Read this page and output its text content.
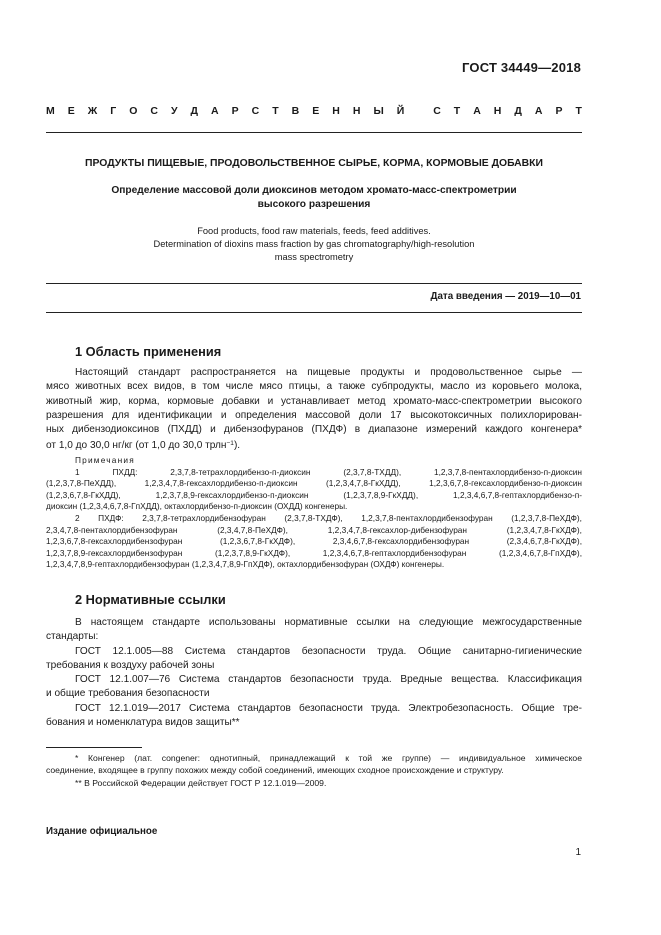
ГОСТ 34449—2018
М Е Ж Г О С У Д А Р С Т В Е Н Н Ы Й
	С Т А Н Д А Р Т
ПРОДУКТЫ ПИЩЕВЫЕ, ПРОДОВОЛЬСТВЕННОЕ СЫРЬЕ, КОРМА, КОРМОВЫЕ ДОБАВКИ
Определение массовой доли диоксинов методом хромато-масс-спектрометрии
высокого разрешения
Food products, food raw materials, feeds, feed additives.
Determination of dioxins mass fraction by gas chromatography/high-resolution
mass spectrometry
Дата введения — 2019—10—01
1 Область применения
Настоящий стандарт распространяется на пищевые продукты и продовольственное сырье —
мясо животных всех видов, в том числе мясо птицы, а также субпродукты, масло из коровьего молока,
животный жир, корма, кормовые добавки и устанавливает метод хромато-масс-спектрометрии высокого
разрешения для идентификации и определения массовой доли 17 высокотоксичных полихлорирован-
ных дибензодиоксинов (ПХДД) и дибензофуранов (ПХДФ) в диапазоне измерений каждого конгенера*
от 1,0 до 30,0 нг/кг (от 1,0 до 30,0 трлн$^{-1}$).
Примечания
1 ПХДД: 2,3,7,8-тетрахлордибензо-п-диоксин (2,3,7,8-ТХДД), 1,2,3,7,8-пентахлордибензо-п-диоксин
(1,2,3,7,8-ПеХДД), 1,2,3,4,7,8-гексахлордибензо-п-диоксин (1,2,3,4,7,8-ГкХДД), 1,2,3,6,7,8-гексахлордибензо-п-диоксин
(1,2,3,6,7,8-ГкХДД), 1,2,3,7,8,9-гексахлордибензо-п-диоксин (1,2,3,7,8,9-ГкХДД), 1,2,3,4,6,7,8-гептахлордибензо-п-
диоксин (1,2,3,4,6,7,8-ГпХДД), октахлордибензо-п-диоксин (ОХДД) конгенеры.
2 ПХДФ: 2,3,7,8-тетрахлордибензофуран (2,3,7,8-ТХДФ), 1,2,3,7,8-пентахлордибензофуран (1,2,3,7,8-ПеХДФ),
2,3,4,7,8-пентахлордибензофуран (2,3,4,7,8-ПеХДФ), 1,2,3,4,7,8-гексахлор-дибензофуран (1,2,3,4,7,8-ГкХДФ),
1,2,3,6,7,8-гексахлордибензофуран (1,2,3,6,7,8-ГкХДФ), 2,3,4,6,7,8-гексахлордибензофуран (2,3,4,6,7,8-ГкХДФ),
1,2,3,7,8,9-гексахлордибензофуран (1,2,3,7,8,9-ГкХДФ), 1,2,3,4,6,7,8-гептахлордибензофуран (1,2,3,4,6,7,8-ГпХДФ),
1,2,3,4,7,8,9-гептахлордибензофуран (1,2,3,4,7,8,9-ГпХДФ), октахлордибензофуран (ОХДФ) конгенеры.
2 Нормативные ссылки
В настоящем стандарте использованы нормативные ссылки на следующие межгосударственные
стандарты:
ГОСТ 12.1.005—88 Система стандартов безопасности труда. Общие санитарно-гигиенические
требования к воздуху рабочей зоны
ГОСТ 12.1.007—76 Система стандартов безопасности труда. Вредные вещества. Классификация
и общие требования безопасности
ГОСТ 12.1.019—2017 Система стандартов безопасности труда. Электробезопасность. Общие тре-
бования и номенклатура видов защиты**
* Конгенер (лат. congener: однотипный, принадлежащий к той же группе) — индивидуальное химическое
соединение, входящее в группу похожих между собой соединений, имеющих сходное происхождение и структуру.
** В Российской Федерации действует ГОСТ Р 12.1.019—2009.
Издание официальное
1
